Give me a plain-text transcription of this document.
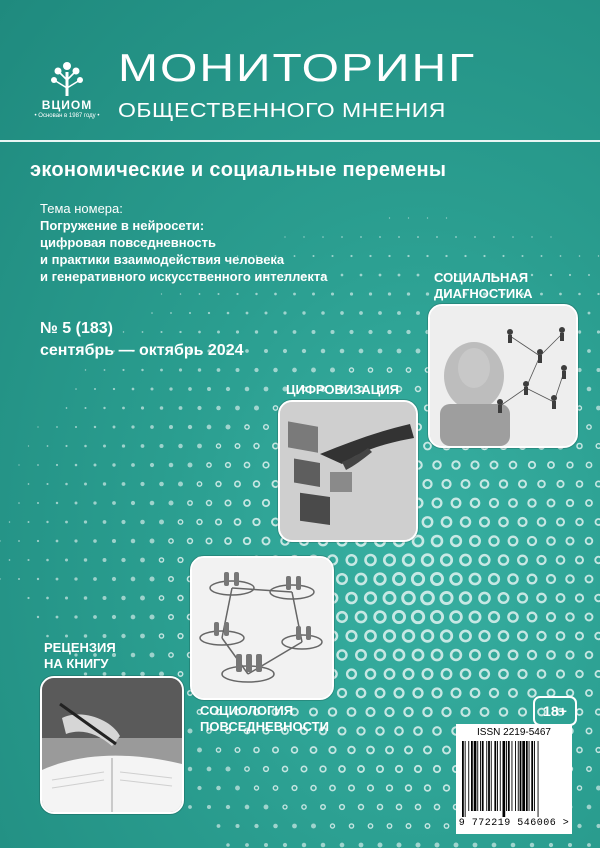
ВЦИОМ
• Основан в 1987 году •
МОНИТОРИНГ
ОБЩЕСТВЕННОГО МНЕНИЯ
экономические и социальные перемены
Тема номера:
Погружение в нейросети:
цифровая повседневность
и практики взаимодействия человека
и генеративного искусственного интеллекта
№ 5 (183)
сентябрь — октябрь 2024
СОЦИАЛЬНАЯ
ДИАГНОСТИКА
ЦИФРОВИЗАЦИЯ
СОЦИОЛОГИЯ
ПОВСЕДНЕВНОСТИ
РЕЦЕНЗИЯ
НА КНИГУ
18+
ISSN 2219-5467
9 772219 546006 >
